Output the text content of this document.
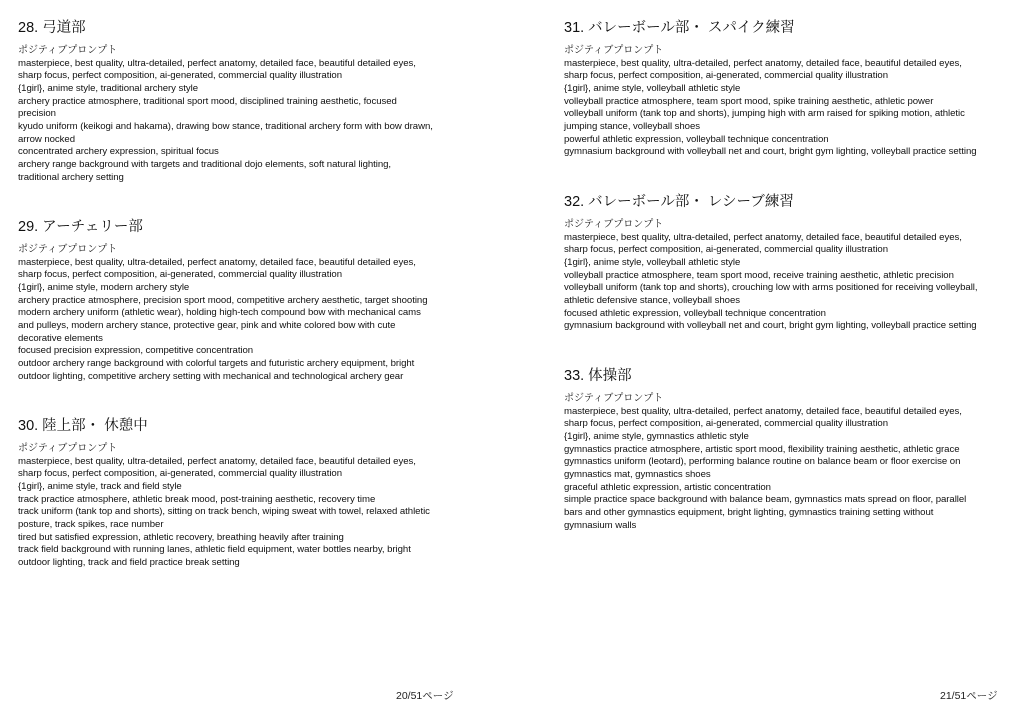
28. 弓道部

ポジティブプロンプト

masterpiece, best quality, ultra-detailed, perfect anatomy, detailed face, beautiful detailed eyes,

sharp focus, perfect composition, ai-generated, commercial quality illustration

{1girl}, anime style, traditional archery style

archery practice atmosphere, traditional sport mood, disciplined training aesthetic, focused

precision

kyudo uniform (keikogi and hakama), drawing bow stance, traditional archery form with bow drawn,

arrow nocked

concentrated archery expression, spiritual focus

archery range background with targets and traditional dojo elements, soft natural lighting,

traditional archery setting

29. アーチェリー部

ポジティブプロンプト

masterpiece, best quality, ultra-detailed, perfect anatomy, detailed face, beautiful detailed eyes,

sharp focus, perfect composition, ai-generated, commercial quality illustration

{1girl}, anime style, modern archery style

archery practice atmosphere, precision sport mood, competitive archery aesthetic, target shooting

modern archery uniform (athletic wear), holding high-tech compound bow with mechanical cams

and pulleys, modern archery stance, protective gear, pink and white colored bow with cute

decorative elements

focused precision expression, competitive concentration

outdoor archery range background with colorful targets and futuristic archery equipment, bright

outdoor lighting, competitive archery setting with mechanical and technological archery gear

30. 陸上部・ 休憩中

ポジティブプロンプト

masterpiece, best quality, ultra-detailed, perfect anatomy, detailed face, beautiful detailed eyes,

sharp focus, perfect composition, ai-generated, commercial quality illustration

{1girl}, anime style, track and field style

track practice atmosphere, athletic break mood, post-training aesthetic, recovery time

track uniform (tank top and shorts), sitting on track bench, wiping sweat with towel, relaxed athletic

posture, track spikes, race number

tired but satisfied expression, athletic recovery, breathing heavily after training

track field background with running lanes, athletic field equipment, water bottles nearby, bright

outdoor lighting, track and field practice break setting

31. バレーボール部・ スパイク練習

ポジティブプロンプト

masterpiece, best quality, ultra-detailed, perfect anatomy, detailed face, beautiful detailed eyes,

sharp focus, perfect composition, ai-generated, commercial quality illustration

{1girl}, anime style, volleyball athletic style

volleyball practice atmosphere, team sport mood, spike training aesthetic, athletic power

volleyball uniform (tank top and shorts), jumping high with arm raised for spiking motion, athletic

jumping stance, volleyball shoes

powerful athletic expression, volleyball technique concentration

gymnasium background with volleyball net and court, bright gym lighting, volleyball practice setting

32. バレーボール部・ レシーブ練習

ポジティブプロンプト

masterpiece, best quality, ultra-detailed, perfect anatomy, detailed face, beautiful detailed eyes,

sharp focus, perfect composition, ai-generated, commercial quality illustration

{1girl}, anime style, volleyball athletic style

volleyball practice atmosphere, team sport mood, receive training aesthetic, athletic precision

volleyball uniform (tank top and shorts), crouching low with arms positioned for receiving volleyball,

athletic defensive stance, volleyball shoes

focused athletic expression, volleyball technique concentration

gymnasium background with volleyball net and court, bright gym lighting, volleyball practice setting

33. 体操部

ポジティブプロンプト

masterpiece, best quality, ultra-detailed, perfect anatomy, detailed face, beautiful detailed eyes,

sharp focus, perfect composition, ai-generated, commercial quality illustration

{1girl}, anime style, gymnastics athletic style

gymnastics practice atmosphere, artistic sport mood, flexibility training aesthetic, athletic grace

gymnastics uniform (leotard), performing balance routine on balance beam or floor exercise on

gymnastics mat, gymnastics shoes

graceful athletic expression, artistic concentration

simple practice space background with balance beam, gymnastics mats spread on floor, parallel

bars and other gymnastics equipment, bright lighting, gymnastics training setting without

gymnasium walls

20/51ページ	21/51ページ
